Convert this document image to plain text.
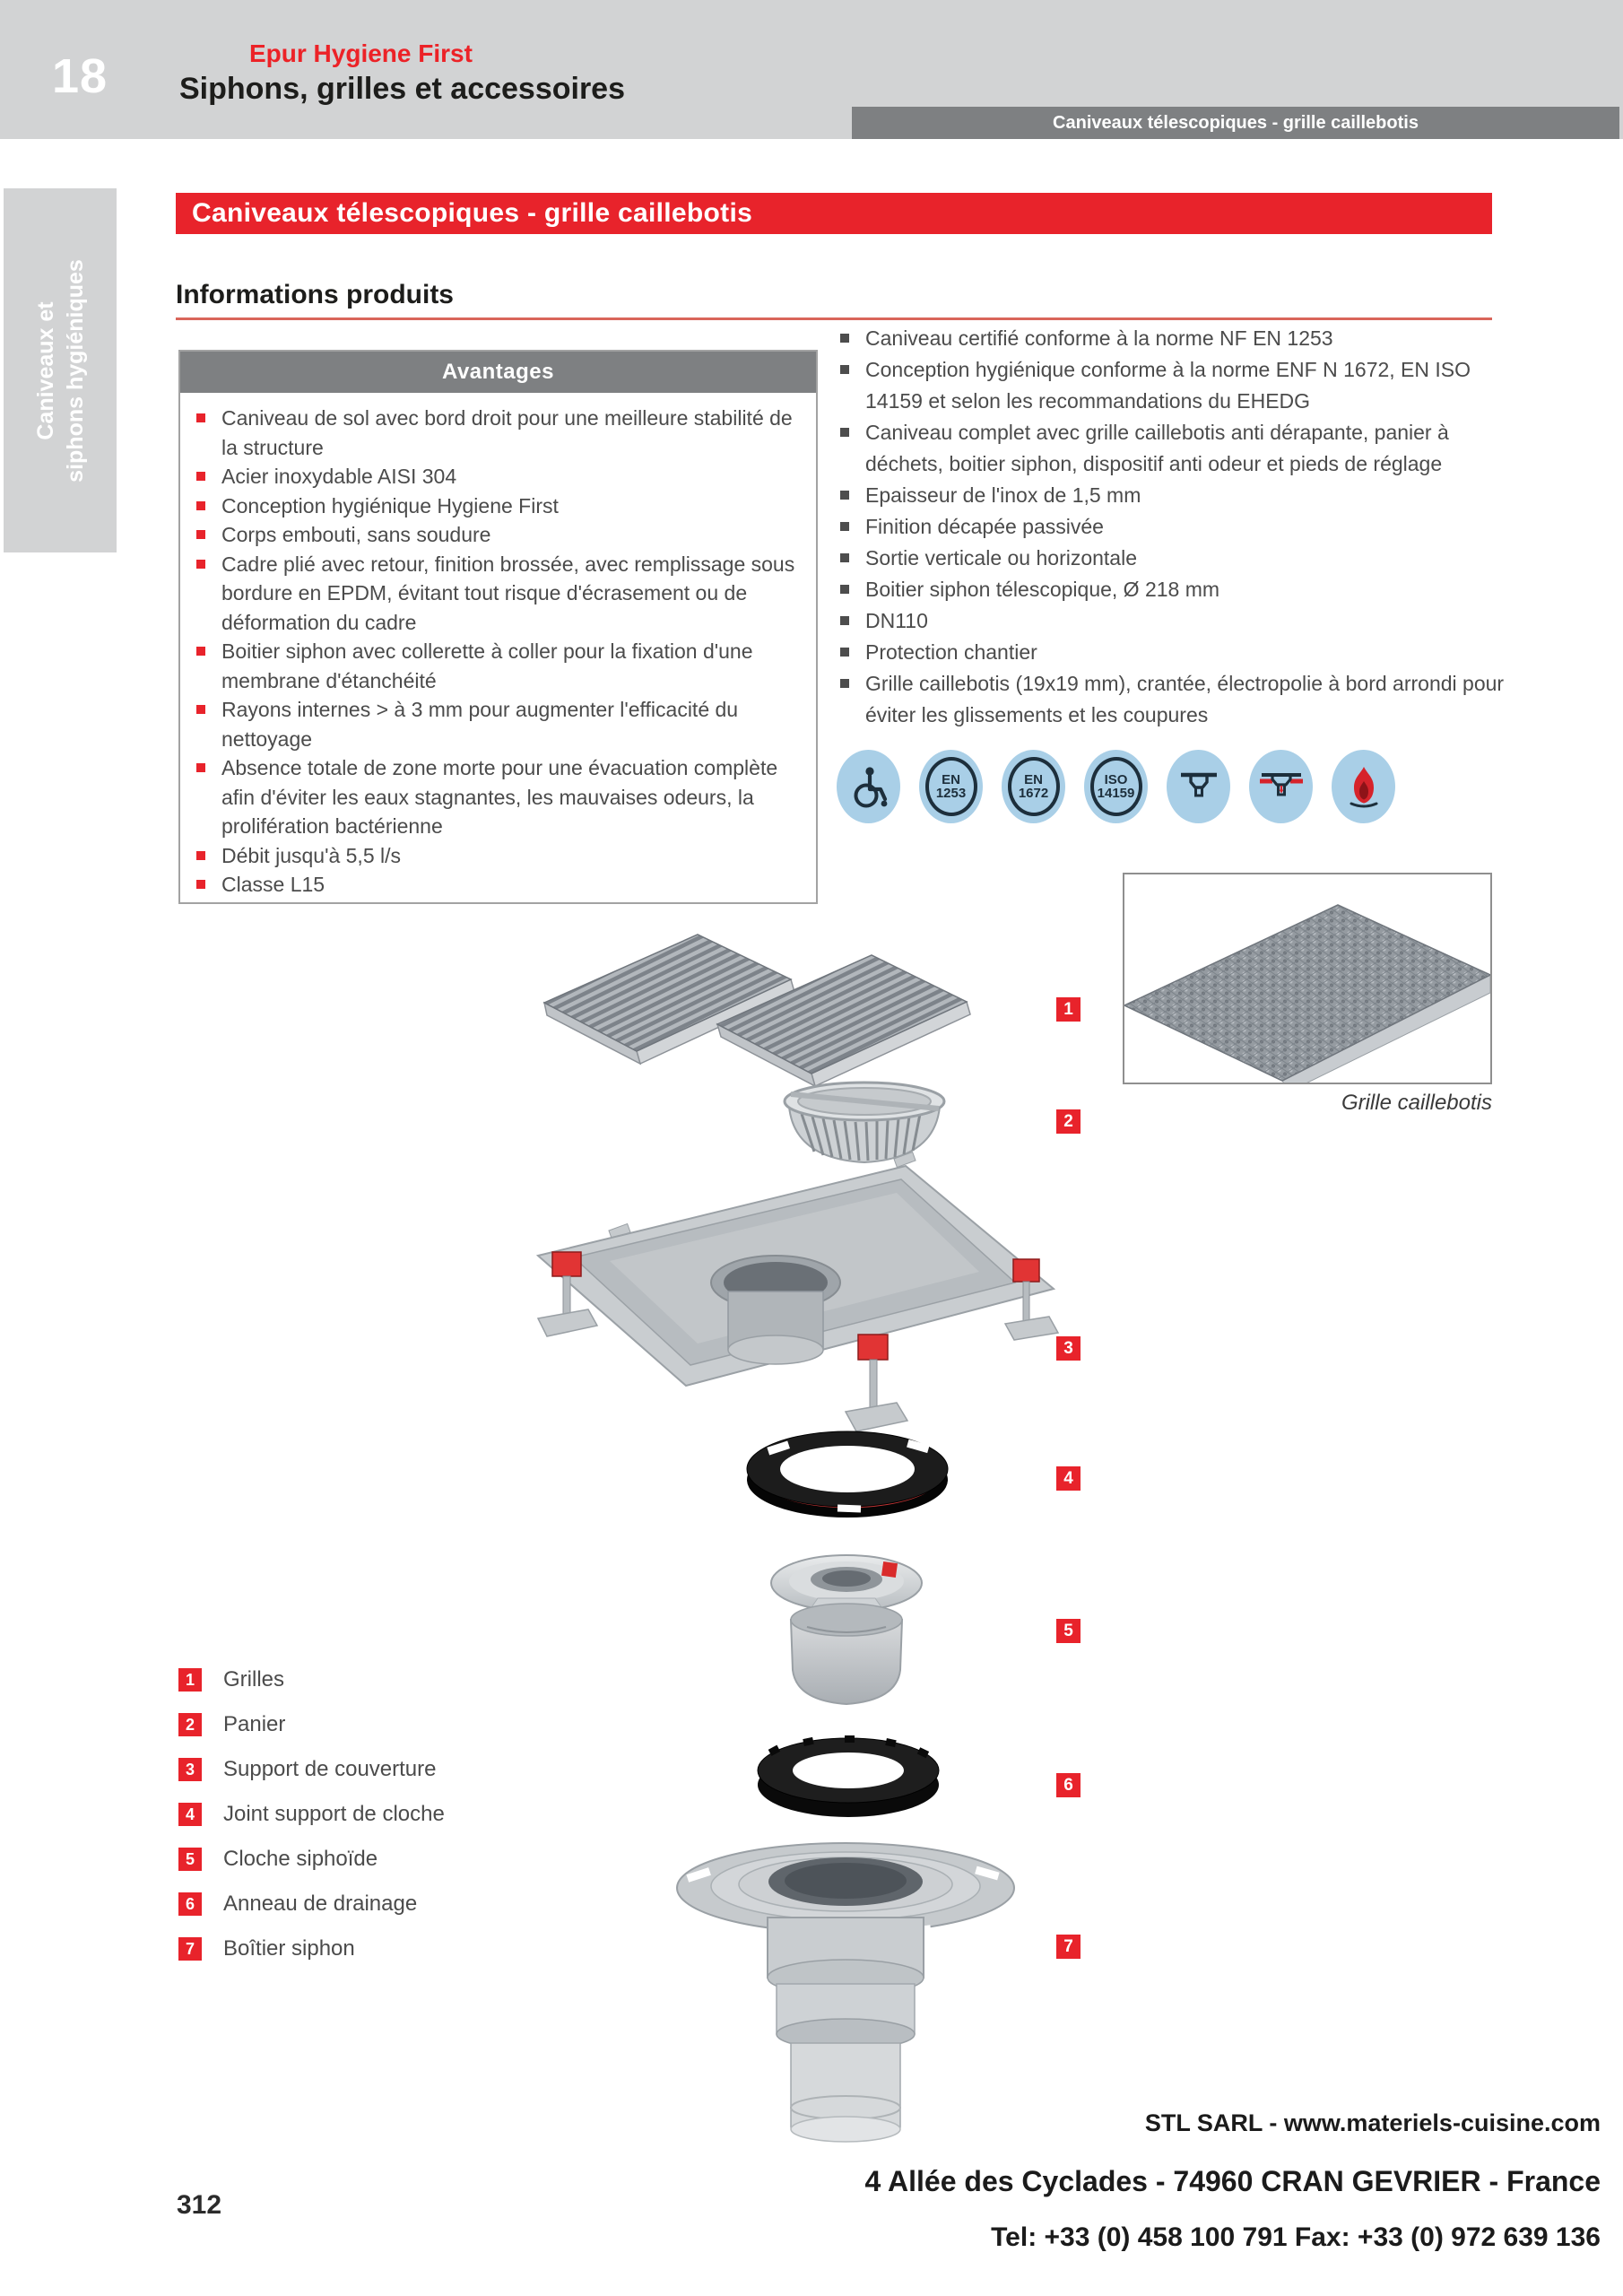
18	Epur Hygiene First
Siphons, grilles et accessoires
Caniveaux télescopiques - grille caillebotis
Caniveaux et siphons hygiéniques
Caniveaux télescopiques - grille caillebotis
Informations produits
Avantages
Caniveau de sol avec bord droit pour une meilleure stabilité de la structure
Acier inoxydable AISI 304
Conception hygiénique Hygiene First
Corps embouti, sans soudure
Cadre plié avec retour, finition brossée, avec remplissage sous bordure en EPDM, évitant tout risque d'écrasement ou de déformation du cadre
Boitier siphon avec collerette à coller pour la fixation d'une membrane d'étanchéité
Rayons internes > à 3 mm pour augmenter l'efficacité du nettoyage
Absence totale de zone morte pour une évacuation complète afin d'éviter les eaux stagnantes, les mauvaises odeurs, la prolifération bactérienne
Débit jusqu'à 5,5 l/s
Classe L15
Caniveau certifié conforme à la norme NF EN 1253
Conception hygiénique conforme à la norme ENF N 1672, EN ISO 14159 et selon les recommandations du EHEDG
Caniveau complet avec grille caillebotis anti dérapante, panier à déchets, boitier siphon, dispositif anti odeur et pieds de réglage
Epaisseur de l'inox de 1,5 mm
Finition décapée passivée
Sortie verticale ou horizontale
Boitier siphon télescopique, Ø 218 mm
DN110
Protection chantier
Grille caillebotis (19x19 mm), crantée, électropolie à bord arrondi pour éviter les glissements et les coupures
EN
1253
EN
1672
ISO
14159
Grille caillebotis
1
2
3
4
5
6
7
1	Grilles
2	Panier
3	Support de couverture
4	Joint support de cloche
5	Cloche siphoïde
6	Anneau de drainage
7	Boîtier siphon
STL SARL - www.materiels-cuisine.com
4 Allée des Cyclades - 74960 CRAN GEVRIER - France
Tel: +33 (0) 458 100 791 Fax: +33 (0) 972 639 136
312
